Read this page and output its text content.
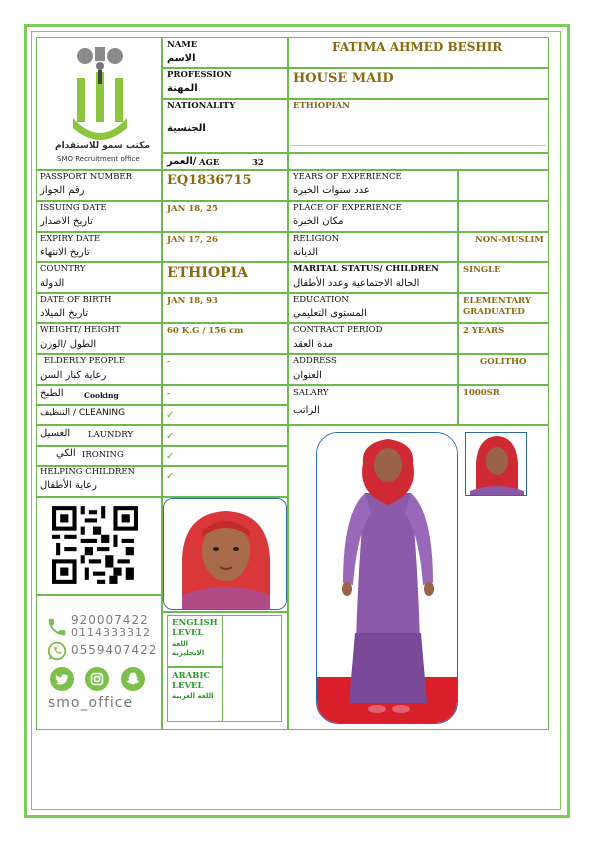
مكتب سمو للاستقدام
SMO Recruitment office
NAME
الاسم
PROFESSION
المهنة
NATIONALITY
الجنسية
العمر/ AGE	32
EQ1836715
JAN 18, 25
JAN 17, 26
ETHIOPIA
JAN 18, 93
60 K.G / 156 cm
-
-
✓
✓
✓
✓
PASSPORT NUMBER
رقم الجواز
ISSUING DATE
تاريخ الاصدار
EXPIRY DATE
تاريخ الانتهاء
COUNTRY
الدولة
DATE OF BIRTH
تاريخ الميلاد
WEIGHT/ HEIGHT
الطول /الوزن
ELDERLY PEOPLE
رعاية كبار السن
الطبخ	Cooking
التنظيف / CLEANING
الغسيل LAUNDRY
الكي IRONING
HELPING CHILDREN
رعاية الأطفال
FATIMA AHMED BESHIR
HOUSE MAID
ETHIOPIAN
YEARS OF EXPERIENCE
عدد سنوات الخبرة
PLACE OF EXPERIENCE
مكان الخبرة
RELIGION
الديانة
MARITAL STATUS/ CHILDREN
الحالة الاجتماعية وعدد الأطفال
EDUCATION
المستوى التعليمي
CONTRACT PERIOD
مدة العقد
ADDRESS
العنوان
SALARY
الراتب
NON-MUSLIM
SINGLE
ELEMENTARY GRADUATED
2 YEARS
GOLITHO
1000SR
920007422
0114333312
0559407422
smo_office
ENGLISH LEVEL
اللغة الانجليزية
ARABIC LEVEL
اللغة العربية
